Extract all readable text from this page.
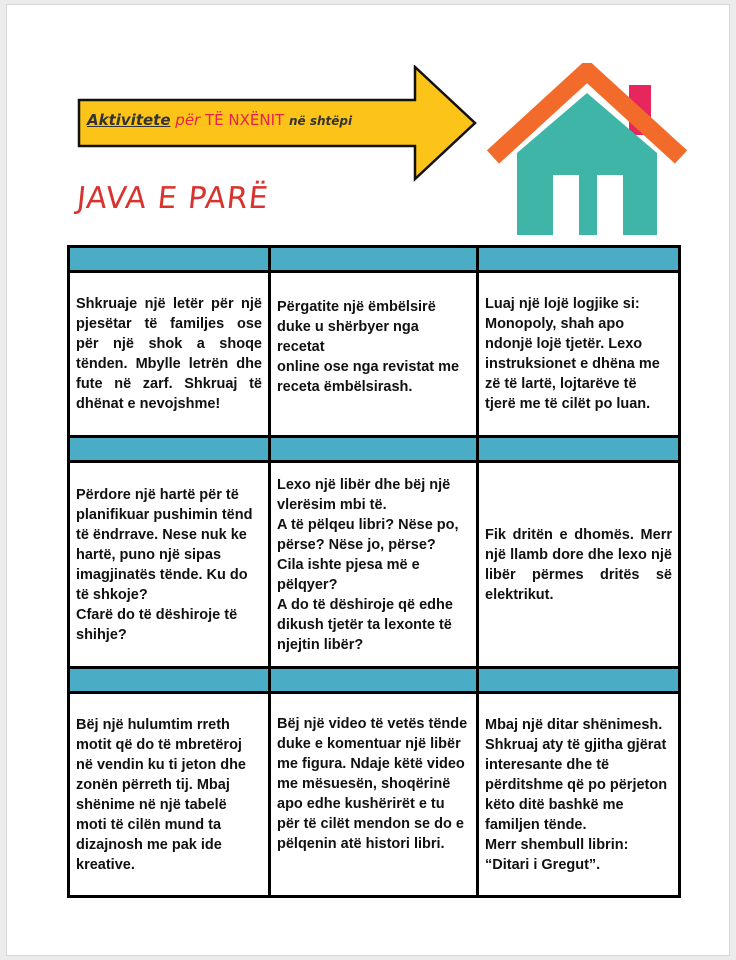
Aktivitete për TË NXËNIT në shtëpi
JAVA E PARË
Shkruaje një letër për një pjesëtar të familjes ose për një shok a shoqe tënden. Mbylle letrën dhe fute në zarf. Shkruaj të dhënat e nevojshme!
Përgatite një ëmbëlsirë
duke u shërbyer nga recetat
online ose nga revistat me
receta ëmbëlsirash.
Luaj një lojë logjike si:
Monopoly, shah apo
ndonjë lojë tjetër. Lexo
instruksionet e dhëna me
zë të lartë, lojtarëve të
tjerë me të cilët po luan.
Përdore një hartë për të
planifikuar pushimin tënd
të ëndrrave. Nese nuk ke
hartë, puno një sipas
imagjinatës tënde. Ku do
të shkoje?
Cfarë do të dëshiroje të
shihje?
Lexo një libër dhe bëj një
vlerësim mbi të.
A të pëlqeu libri? Nëse po,
përse? Nëse jo, përse?
Cila ishte pjesa më e
pëlqyer?
A do të dëshiroje që edhe
dikush tjetër ta lexonte të
njejtin libër?
Fik dritën e dhomës. Merr një llamb dore dhe lexo një libër përmes dritës së elektrikut.
Bëj një hulumtim rreth
motit që do të mbretëroj
në vendin ku ti jeton dhe
zonën përreth tij. Mbaj
shënime në një tabelë
moti të cilën mund ta
dizajnosh me pak ide
kreative.
Bëj një video të vetës tënde
duke e komentuar një libër
me figura. Ndaje këtë video
me mësuesën, shoqërinë
apo edhe kushërirët e tu
për të cilët mendon se do e
pëlqenin atë histori libri.
Mbaj një ditar shënimesh.
Shkruaj aty të gjitha gjërat
interesante dhe të
përditshme që po përjeton
këto ditë bashkë me
familjen tënde.
Merr shembull librin:
“Ditari i Gregut”.
